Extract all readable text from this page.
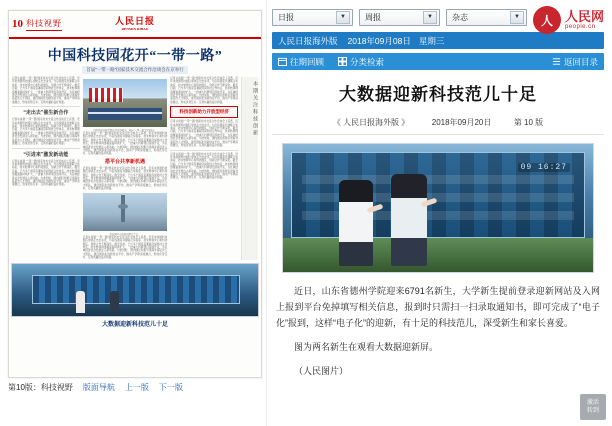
10 科技视野	人民日报
RENMIN RIBAO
中国科技园花开“一带一路”
首届“一带一路”国家技术交流合作洽谈会在京举行
记者从首届“一带一路”国家技术交流合作洽谈会上获悉，近年来我国科技园区加快走出去步伐，与沿线国家共建联合实验室、技术转移中心和科技园区，创新合作不断深化。截至目前，已与多个国家签署政府间科技合作协定，技术转移网络覆盖面持续扩大，一批重大科研项目落地开花，为区域经济社会发展注入新动能。与此同时，国内园区积极引进海外高层次人才团队，建设国际化创新创业平台，推动产学研深度融合，形成优势互补、互利共赢的良好局面。
“走出去”催生新合作
记者从首届“一带一路”国家技术交流合作洽谈会上获悉，近年来我国科技园区加快走出去步伐，与沿线国家共建联合实验室、技术转移中心和科技园区，创新合作不断深化。截至目前，已与多个国家签署政府间科技合作协定，技术转移网络覆盖面持续扩大，一批重大科研项目落地开花，为区域经济社会发展注入新动能。与此同时，国内园区积极引进海外高层次人才团队，建设国际化创新创业平台，推动产学研深度融合，形成优势互补、互利共赢的良好局面。
“引进来”激发新动能
记者从首届“一带一路”国家技术交流合作洽谈会上获悉，近年来我国科技园区加快走出去步伐，与沿线国家共建联合实验室、技术转移中心和科技园区，创新合作不断深化。截至目前，已与多个国家签署政府间科技合作协定，技术转移网络覆盖面持续扩大，一批重大科研项目落地开花，为区域经济社会发展注入新动能。与此同时，国内园区积极引进海外高层次人才团队，建设国际化创新创业平台，推动产学研深度融合，形成优势互补、互利共赢的良好局面。
中欧班列满载货物从西安港驶出，驶向“一带一路”沿线国家。
记者从首届“一带一路”国家技术交流合作洽谈会上获悉，近年来我国科技园区加快走出去步伐，与沿线国家共建联合实验室、技术转移中心和科技园区，创新合作不断深化。截至目前，已与多个国家签署政府间科技合作协定，技术转移网络覆盖面持续扩大，一批重大科研项目落地开花，为区域经济社会发展注入新动能。与此同时，国内园区积极引进海外高层次人才团队，建设国际化创新创业平台，推动产学研深度融合，形成优势互补、互利共赢的良好局面。
搭平台共享新机遇
记者从首届“一带一路”国家技术交流合作洽谈会上获悉，近年来我国科技园区加快走出去步伐，与沿线国家共建联合实验室、技术转移中心和科技园区，创新合作不断深化。截至目前，已与多个国家签署政府间科技合作协定，技术转移网络覆盖面持续扩大，一批重大科研项目落地开花，为区域经济社会发展注入新动能。与此同时，国内园区积极引进海外高层次人才团队，建设国际化创新创业平台，推动产学研深度融合，形成优势互补、互利共赢的良好局面。
科技园区内的创新孵化平台。
记者从首届“一带一路”国家技术交流合作洽谈会上获悉，近年来我国科技园区加快走出去步伐，与沿线国家共建联合实验室、技术转移中心和科技园区，创新合作不断深化。截至目前，已与多个国家签署政府间科技合作协定，技术转移网络覆盖面持续扩大，一批重大科研项目落地开花，为区域经济社会发展注入新动能。与此同时，国内园区积极引进海外高层次人才团队，建设国际化创新创业平台，推动产学研深度融合，形成优势互补、互利共赢的良好局面。
记者从首届“一带一路”国家技术交流合作洽谈会上获悉，近年来我国科技园区加快走出去步伐，与沿线国家共建联合实验室、技术转移中心和科技园区，创新合作不断深化。截至目前，已与多个国家签署政府间科技合作协定，技术转移网络覆盖面持续扩大，一批重大科研项目落地开花，为区域经济社会发展注入新动能。与此同时，国内园区积极引进海外高层次人才团队，建设国际化创新创业平台，推动产学研深度融合，形成优势互补、互利共赢的良好局面。
科技创新助力开放型经济
记者从首届“一带一路”国家技术交流合作洽谈会上获悉，近年来我国科技园区加快走出去步伐，与沿线国家共建联合实验室、技术转移中心和科技园区，创新合作不断深化。截至目前，已与多个国家签署政府间科技合作协定，技术转移网络覆盖面持续扩大，一批重大科研项目落地开花，为区域经济社会发展注入新动能。与此同时，国内园区积极引进海外高层次人才团队，建设国际化创新创业平台，推动产学研深度融合，形成优势互补、互利共赢的良好局面。
记者从首届“一带一路”国家技术交流合作洽谈会上获悉，近年来我国科技园区加快走出去步伐，与沿线国家共建联合实验室、技术转移中心和科技园区，创新合作不断深化。截至目前，已与多个国家签署政府间科技合作协定，技术转移网络覆盖面持续扩大，一批重大科研项目落地开花，为区域经济社会发展注入新动能。与此同时，国内园区积极引进海外高层次人才团队，建设国际化创新创业平台，推动产学研深度融合，形成优势互补、互利共赢的良好局面。
本期关注科技创新
大数据迎新科技范儿十足
第10版：科技视野 版面导航 上一版 下一版
日报	▼	周报	▼	杂志	▼	人 人民网
people.cn
人民日报海外版 2018年09月08日 星期三
往期回顾	分类检索	返回目录
大数据迎新科技范儿十足
《 人民日报海外版 》	2018年09月20日	第 10 版
09 16:27

近日，山东省德州学院迎来6791名新生，大学新生提前登录迎新网站及入网上报到平台免掉填写相关信息，报到时只需扫一扫录取通知书，即可完成了“电子化”报到，这样“电子化”的迎新，有十足的科技范儿，深受新生和家长喜爱。

图为两名新生在观看大数据迎新屏。

（人民图片）

激活
转到
